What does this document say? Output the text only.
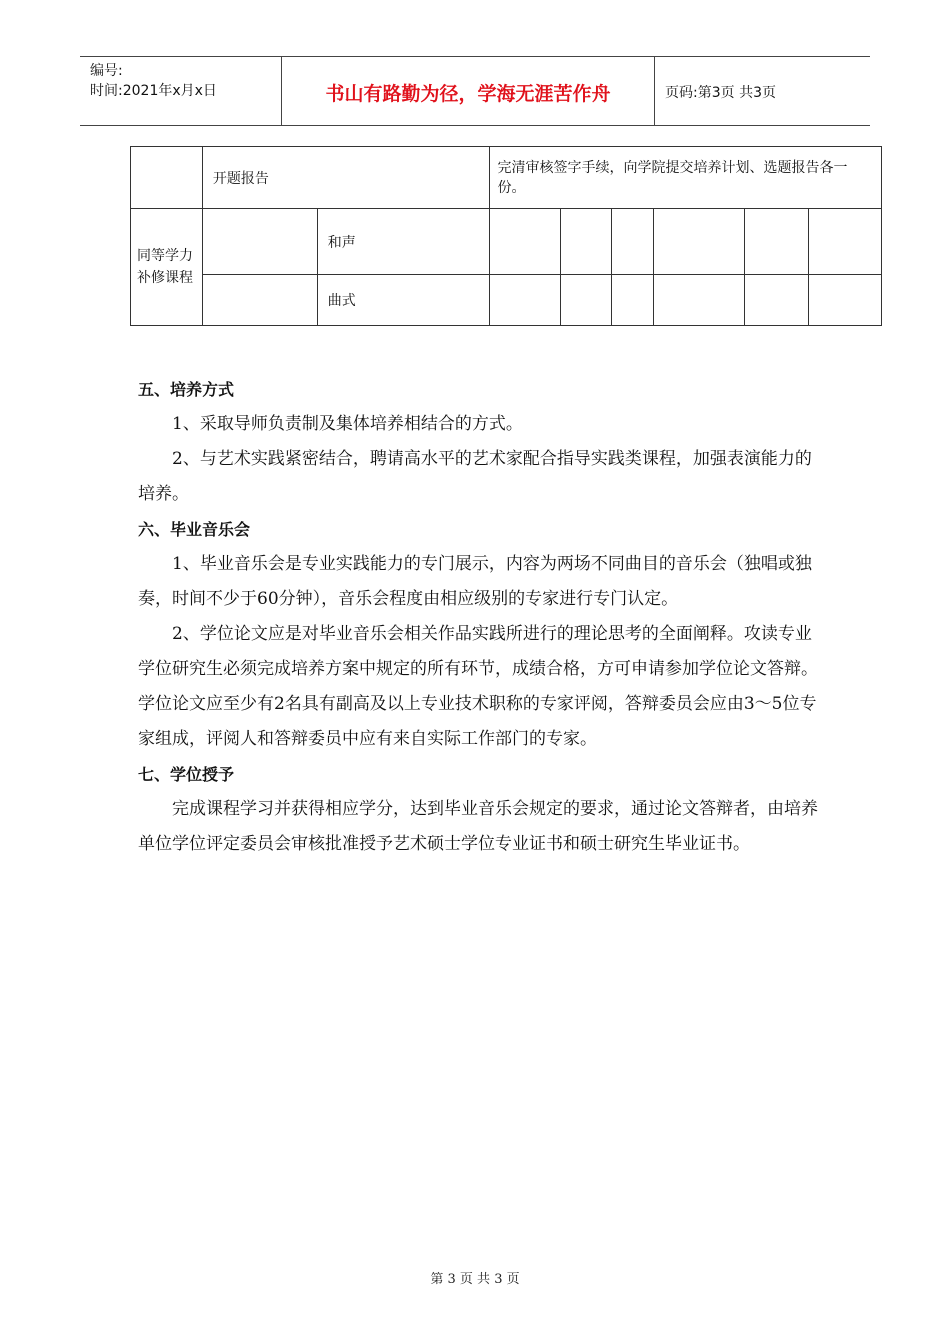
编号:
时间:2021年x月x日	书山有路勤为径，学海无涯苦作舟	页码:第3页 共3页
	开题报告		完清审核签字手续，向学院提交培养计划、选题报告各一份。					
同等学力补修课程		和声						
		曲式						

五、培养方式

1、采取导师负责制及集体培养相结合的方式。

2、与艺术实践紧密结合，聘请高水平的艺术家配合指导实践类课程，加强表演能力的培养。

六、毕业音乐会

1、毕业音乐会是专业实践能力的专门展示，内容为两场不同曲目的音乐会（独唱或独奏，时间不少于60分钟），音乐会程度由相应级别的专家进行专门认定。

2、学位论文应是对毕业音乐会相关作品实践所进行的理论思考的全面阐释。攻读专业学位研究生必须完成培养方案中规定的所有环节，成绩合格，方可申请参加学位论文答辩。学位论文应至少有2名具有副高及以上专业技术职称的专家评阅，答辩委员会应由3～5位专家组成，评阅人和答辩委员中应有来自实际工作部门的专家。

七、学位授予

完成课程学习并获得相应学分，达到毕业音乐会规定的要求，通过论文答辩者，由培养单位学位评定委员会审核批准授予艺术硕士学位专业证书和硕士研究生毕业证书。

第 3 页 共 3 页
